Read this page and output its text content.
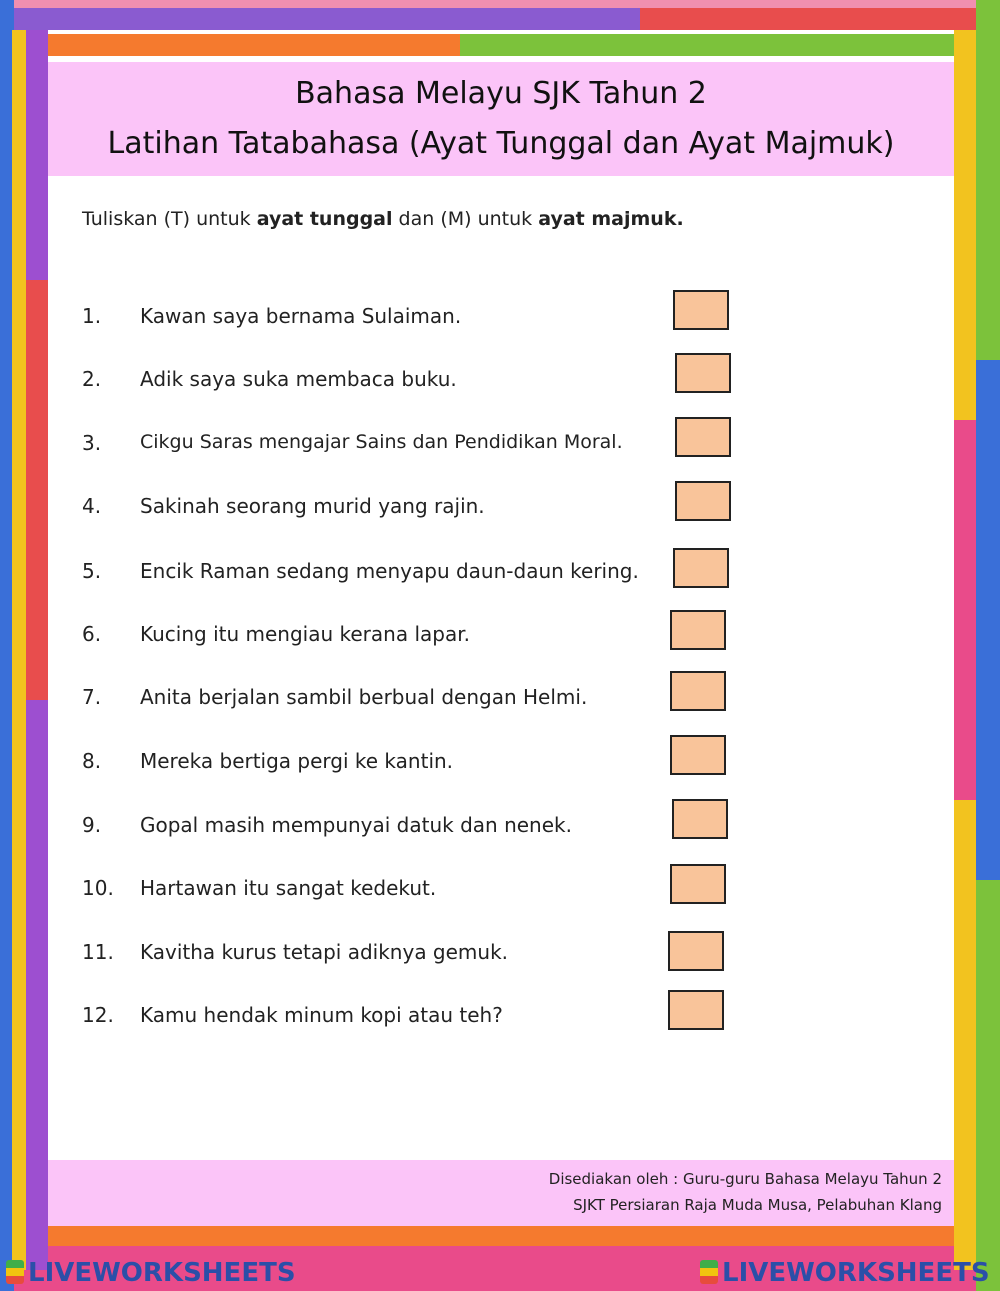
Bahasa Melayu SJK Tahun 2
Latihan Tatabahasa (Ayat Tunggal dan Ayat Majmuk)
Tuliskan (T) untuk ayat tunggal dan (M) untuk ayat majmuk.
1.	Kawan saya bernama Sulaiman.
2.	Adik saya suka membaca buku.
3.	Cikgu Saras mengajar Sains dan Pendidikan Moral.
4.	Sakinah seorang murid yang rajin.
5.	Encik Raman sedang menyapu daun-daun kering.
6.	Kucing itu mengiau kerana lapar.
7.	Anita berjalan sambil berbual dengan Helmi.
8.	Mereka bertiga pergi ke kantin.
9.	Gopal masih mempunyai datuk dan nenek.
10.	Hartawan itu sangat kedekut.
11.	Kavitha kurus tetapi adiknya gemuk.
12.	Kamu hendak minum kopi atau teh?
Disediakan oleh : Guru-guru Bahasa Melayu Tahun 2
SJKT Persiaran Raja Muda Musa, Pelabuhan Klang
LIVEWORKSHEETS	LIVEWORKSHEETS
